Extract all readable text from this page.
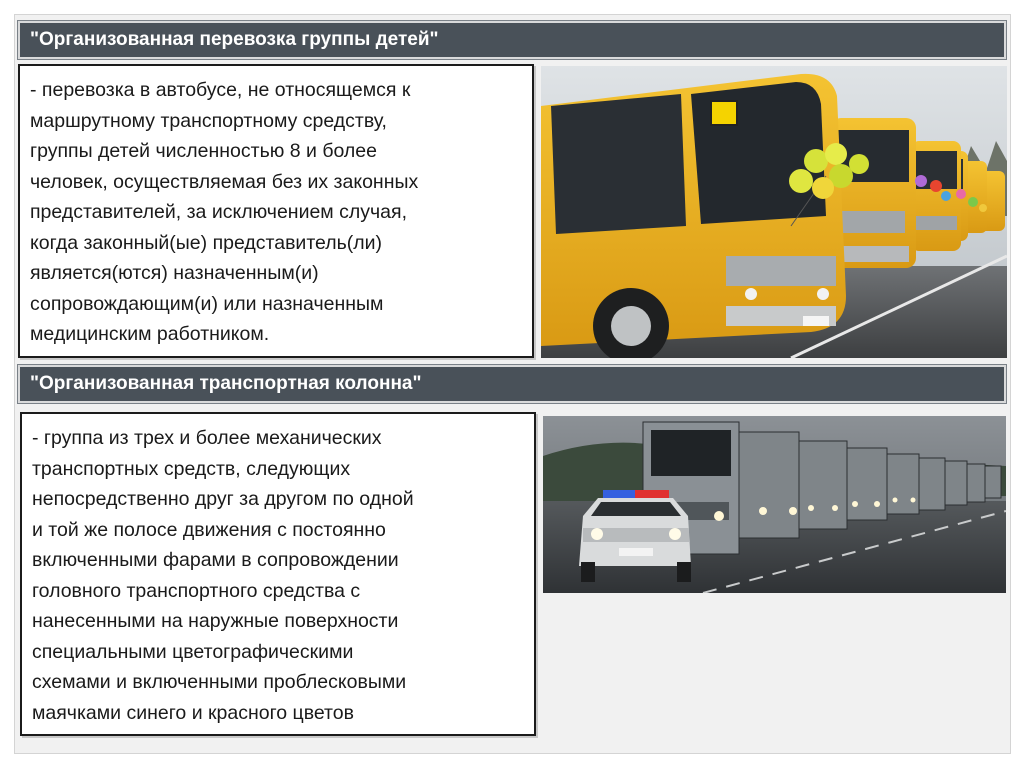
"Организованная перевозка группы детей"

- перевозка в автобусе, не относящемся к

маршрутному транспортному средству,

группы детей численностью 8 и более

человек, осуществляемая без их законных

представителей, за исключением случая,

когда законный(ые) представитель(ли)

является(ются) назначенным(и)

сопровождающим(и) или назначенным

медицинским работником.

"Организованная транспортная колонна"

- группа из трех и более механических

транспортных средств, следующих

непосредственно друг за другом по одной

и той же полосе движения с постоянно

включенными фарами в сопровождении

головного транспортного средства с

нанесенными на наружные поверхности

специальными цветографическими

схемами и включенными проблесковыми

маячками синего и красного цветов
